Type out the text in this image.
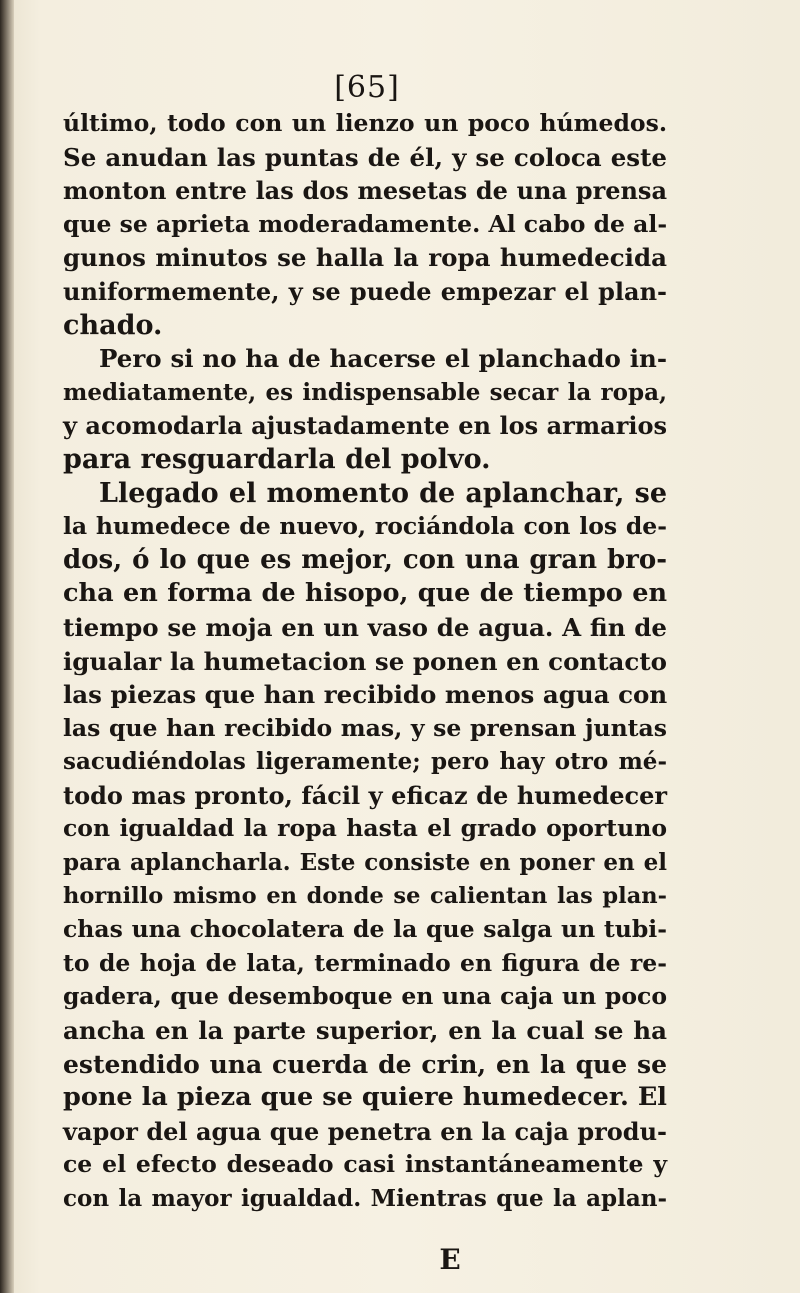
[65]
último, todo con un lienzo un poco húmedos.
Se anudan las puntas de él, y se coloca este
monton entre las dos mesetas de una prensa
que se aprieta moderadamente. Al cabo de al-
gunos minutos se halla la ropa humedecida
uniformemente, y se puede empezar el plan-
chado.
Pero si no ha de hacerse el planchado in-
mediatamente, es indispensable secar la ropa,
y acomodarla ajustadamente en los armarios
para resguardarla del polvo.
Llegado el momento de aplanchar, se
la humedece de nuevo, rociándola con los de-
dos, ó lo que es mejor, con una gran bro-
cha en forma de hisopo, que de tiempo en
tiempo se moja en un vaso de agua. A fin de
igualar la humetacion se ponen en contacto
las piezas que han recibido menos agua con
las que han recibido mas, y se prensan juntas
sacudiéndolas ligeramente; pero hay otro mé-
todo mas pronto, fácil y eficaz de humedecer
con igualdad la ropa hasta el grado oportuno
para aplancharla. Este consiste en poner en el
hornillo mismo en donde se calientan las plan-
chas una chocolatera de la que salga un tubi-
to de hoja de lata, terminado en figura de re-
gadera, que desemboque en una caja un poco
ancha en la parte superior, en la cual se ha
estendido una cuerda de crin, en la que se
pone la pieza que se quiere humedecer. El
vapor del agua que penetra en la caja produ-
ce el efecto deseado casi instantáneamente y
con la mayor igualdad. Mientras que la aplan-
E
